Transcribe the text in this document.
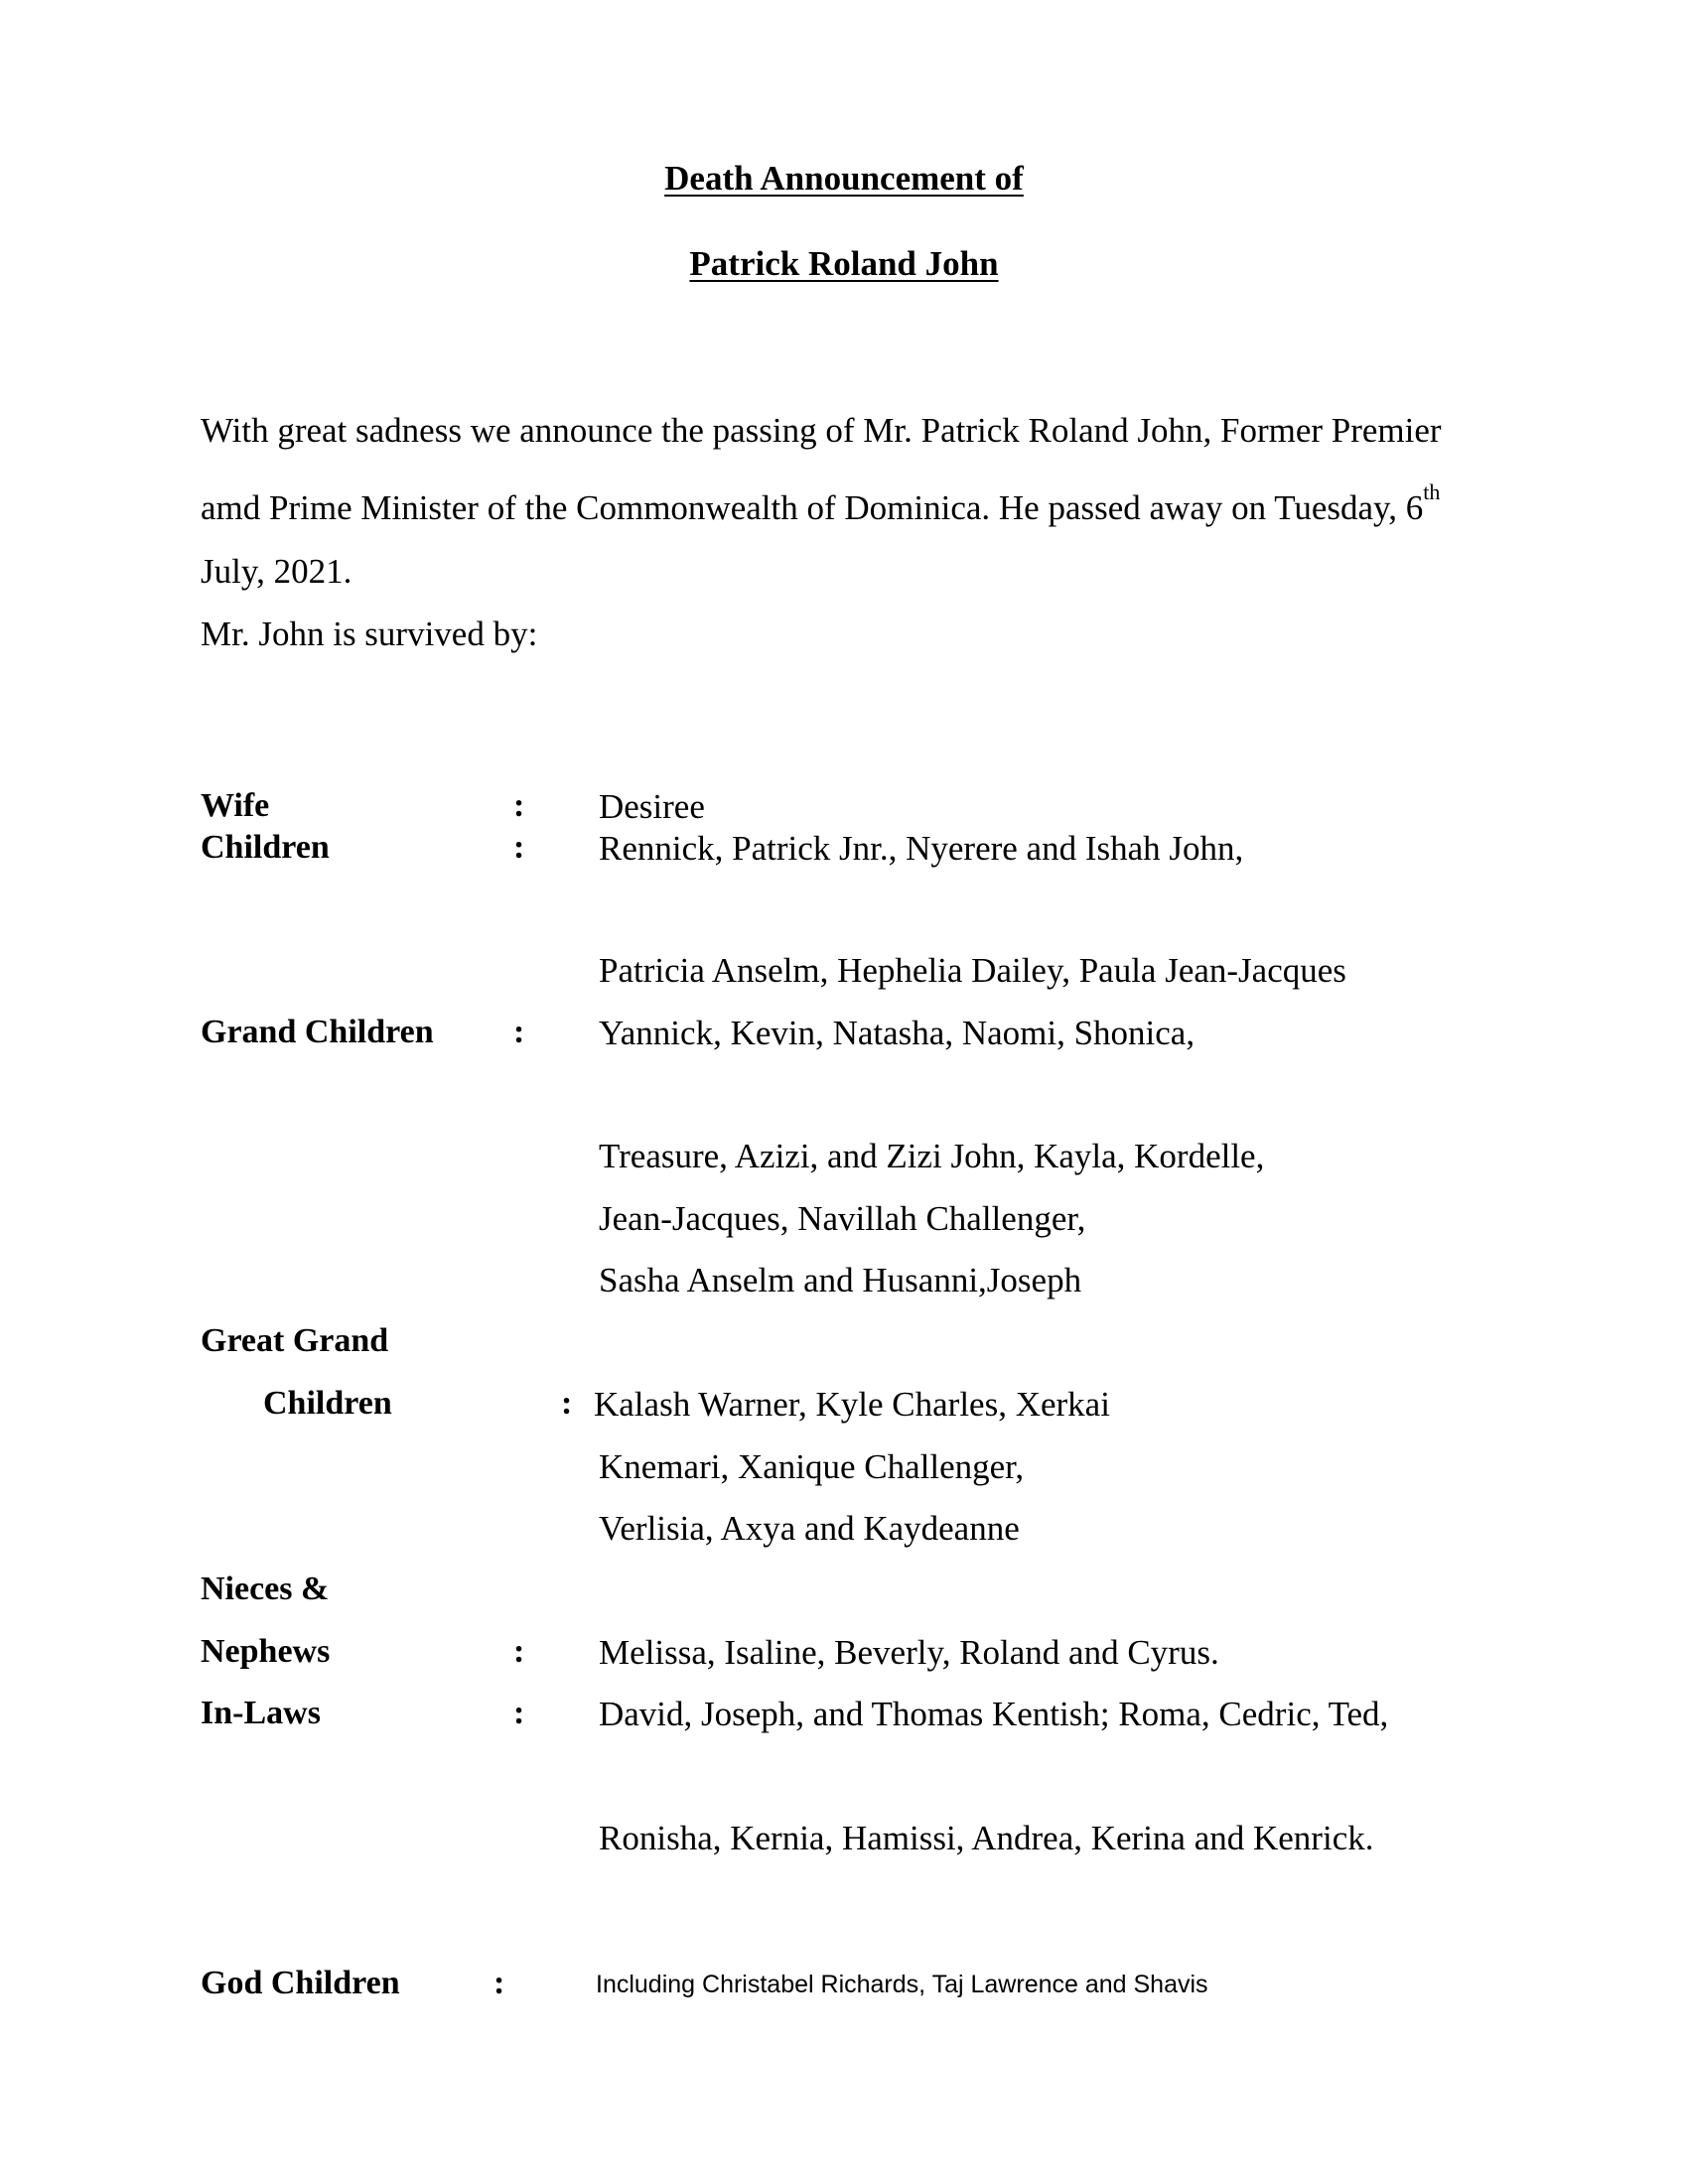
Death Announcement of
Patrick Roland John
With great sadness we announce the passing of Mr. Patrick Roland John, Former Premier
amd Prime Minister of the Commonwealth of Dominica. He passed away on Tuesday, 6th
July, 2021.
Mr. John is survived by:
Wife	: Desiree
Children	: Rennick, Patrick Jnr., Nyerere and Ishah John,
Patricia Anselm, Hephelia Dailey, Paula Jean-Jacques
Grand Children : Yannick, Kevin, Natasha, Naomi, Shonica,
Treasure, Azizi, and Zizi John, Kayla, Kordelle,
Jean-Jacques, Navillah Challenger,
Sasha Anselm and Husanni,Joseph
Great Grand
Children	: Kalash Warner, Kyle Charles, Xerkai
Knemari, Xanique Challenger,
Verlisia, Axya and Kaydeanne
Nieces &
Nephews	: Melissa, Isaline, Beverly, Roland and Cyrus.
In-Laws	: David, Joseph, and Thomas Kentish; Roma, Cedric, Ted,
Ronisha, Kernia, Hamissi, Andrea, Kerina and Kenrick.
God Children	:	Including Christabel Richards, Taj Lawrence and Shavis
